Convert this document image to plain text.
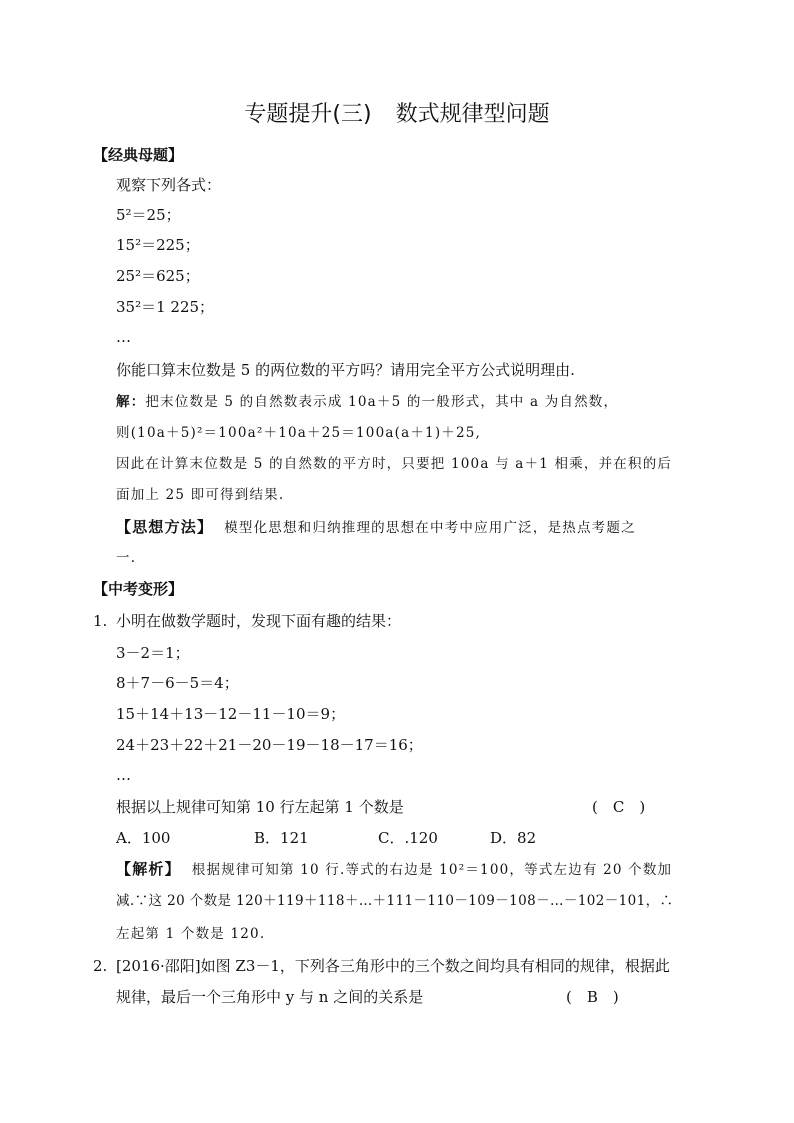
专题提升(三) 数式规律型问题
【经典母题】
观察下列各式：
5²＝25；
15²＝225；
25²＝625；
35²＝1 225；
…
你能口算末位数是 5 的两位数的平方吗？请用完全平方公式说明理由.
解：把末位数是 5 的自然数表示成 10a＋5 的一般形式，其中 a 为自然数，
则(10a＋5)²＝100a²＋10a＋25＝100a(a＋1)＋25,
因此在计算末位数是 5 的自然数的平方时，只要把 100a 与 a＋1 相乘，并在积的后
面加上 25 即可得到结果.
【思想方法】 模型化思想和归纳推理的思想在中考中应用广泛，是热点考题之
一.
【中考变形】
1. 小明在做数学题时，发现下面有趣的结果：
3－2＝1；
8＋7－6－5＝4；
15＋14＋13－12－11－10＝9；
24＋23＋22＋21－20－19－18－17＝16；
…
根据以上规律可知第 10 行左起第 1 个数是	(　C　)
A．100	B．121	C．.120	D．82
【解析】 根据规律可知第 10 行.等式的右边是 10²＝100，等式左边有 20 个数加
减.∵这 20 个数是 120＋119＋118＋…＋111－110－109－108－…－102－101，∴
左起第 1 个数是 120.
2. [2016·邵阳]如图 Z3－1，下列各三角形中的三个数之间均具有相同的规律，根据此
规律，最后一个三角形中 y 与 n 之间的关系是	(　B　)
